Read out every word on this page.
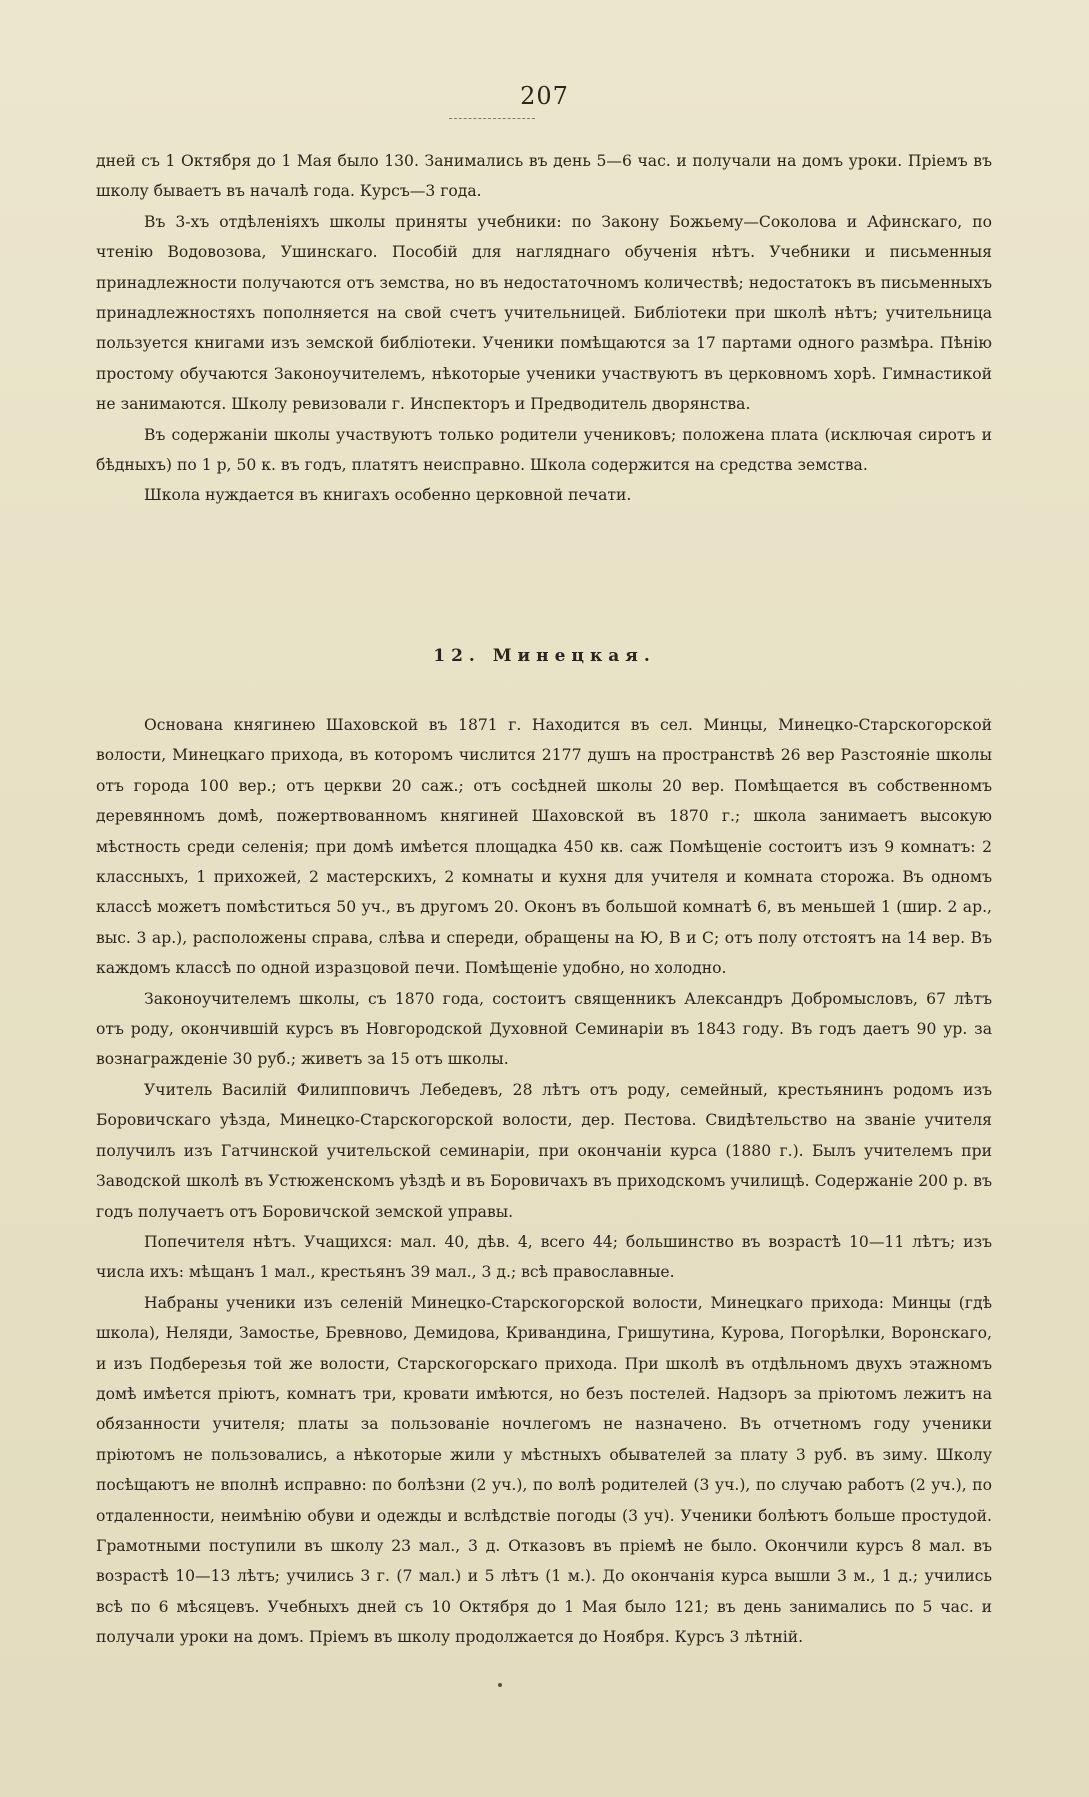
207

дней съ 1 Октября до 1 Мая было 130. Занимались въ день 5—6 час. и получали на домъ уроки. Пріемъ въ школу бываетъ въ началѣ года. Курсъ—3 года.

Въ 3-хъ отдѣленіяхъ школы приняты учебники: по Закону Божьему—Соколова и Афинскаго, по чтенію Водовозова, Ушинскаго. Пособій для нагляднаго обученія нѣтъ. Учебники и письменныя принадлежности получаются отъ земства, но въ недостаточномъ количествѣ; недостатокъ въ письменныхъ принадлежностяхъ пополняется на свой счетъ учительницей. Библіотеки при школѣ нѣтъ; учительница пользуется книгами изъ земской библіотеки. Ученики помѣщаются за 17 партами одного размѣра. Пѣнію простому обучаются Законоучителемъ, нѣкоторые ученики участвуютъ въ церковномъ хорѣ. Гимнастикой не занимаются. Школу ревизовали г. Инспекторъ и Предводитель дворянства.

Въ содержаніи школы участвуютъ только родители учениковъ; положена плата (исключая сиротъ и бѣдныхъ) по 1 р, 50 к. въ годъ, платятъ неисправно. Школа содержится на средства земства.

Школа нуждается въ книгахъ особенно церковной печати.

12. Минецкая.

Основана княгинею Шаховской въ 1871 г. Находится въ сел. Минцы, Минецко-Старскогорской волости, Минецкаго прихода, въ которомъ числится 2177 душъ на пространствѣ 26 вер Разстояніе школы отъ города 100 вер.; отъ церкви 20 саж.; отъ сосѣдней школы 20 вер. Помѣщается въ собственномъ деревянномъ домѣ, пожертвованномъ княгиней Шаховской въ 1870 г.; школа занимаетъ высокую мѣстность среди селенія; при домѣ имѣется площадка 450 кв. саж Помѣщеніе состоитъ изъ 9 комнатъ: 2 классныхъ, 1 прихожей, 2 мастерскихъ, 2 комнаты и кухня для учителя и комната сторожа. Въ одномъ классѣ можетъ помѣститься 50 уч., въ другомъ 20. Оконъ въ большой комнатѣ 6, въ меньшей 1 (шир. 2 ар., выс. 3 ар.), расположены справа, слѣва и спереди, обращены на Ю, В и С; отъ полу отстоятъ на 14 вер. Въ каждомъ классѣ по одной изразцовой печи. Помѣщеніе удобно, но холодно.

Законоучителемъ школы, съ 1870 года, состоитъ священникъ Александръ Добромысловъ, 67 лѣтъ отъ роду, окончившій курсъ въ Новгородской Духовной Семинаріи въ 1843 году. Въ годъ даетъ 90 ур. за вознагражденіе 30 руб.; живетъ за 15 отъ школы.

Учитель Василій Филипповичъ Лебедевъ, 28 лѣтъ отъ роду, семейный, крестьянинъ родомъ изъ Боровичскаго уѣзда, Минецко-Старскогорской волости, дер. Пестова. Свидѣтельство на званіе учителя получилъ изъ Гатчинской учительской семинаріи, при окончаніи курса (1880 г.). Былъ учителемъ при Заводской школѣ въ Устюженскомъ уѣздѣ и въ Боровичахъ въ приходскомъ училищѣ. Содержаніе 200 р. въ годъ получаетъ отъ Боровичской земской управы.

Попечителя нѣтъ. Учащихся: мал. 40, дѣв. 4, всего 44; большинство въ возрастѣ 10—11 лѣтъ; изъ числа ихъ: мѣщанъ 1 мал., крестьянъ 39 мал., 3 д.; всѣ православные.

Набраны ученики изъ селеній Минецко-Старскогорской волости, Минецкаго прихода: Минцы (гдѣ школа), Неляди, Замостье, Бревново, Демидова, Кривандина, Гришутина, Курова, Погорѣлки, Воронскаго, и изъ Подберезья той же волости, Старскогорскаго прихода. При школѣ въ отдѣльномъ двухъ этажномъ домѣ имѣется пріютъ, комнатъ три, кровати имѣются, но безъ постелей. Надзоръ за пріютомъ лежитъ на обязанности учителя; платы за пользованіе ночлегомъ не назначено. Въ отчетномъ году ученики пріютомъ не пользовались, а нѣкоторые жили у мѣстныхъ обывателей за плату 3 руб. въ зиму. Школу посѣщаютъ не вполнѣ исправно: по болѣзни (2 уч.), по волѣ родителей (3 уч.), по случаю работъ (2 уч.), по отдаленности, неимѣнію обуви и одежды и вслѣдствіе погоды (3 уч). Ученики болѣютъ больше простудой. Грамотными поступили въ школу 23 мал., 3 д. Отказовъ въ пріемѣ не было. Окончили курсъ 8 мал. въ возрастѣ 10—13 лѣтъ; учились 3 г. (7 мал.) и 5 лѣтъ (1 м.). До окончанія курса вышли 3 м., 1 д.; учились всѣ по 6 мѣсяцевъ. Учебныхъ дней съ 10 Октября до 1 Мая было 121; въ день занимались по 5 час. и получали уроки на домъ. Пріемъ въ школу продолжается до Ноября. Курсъ 3 лѣтній.
